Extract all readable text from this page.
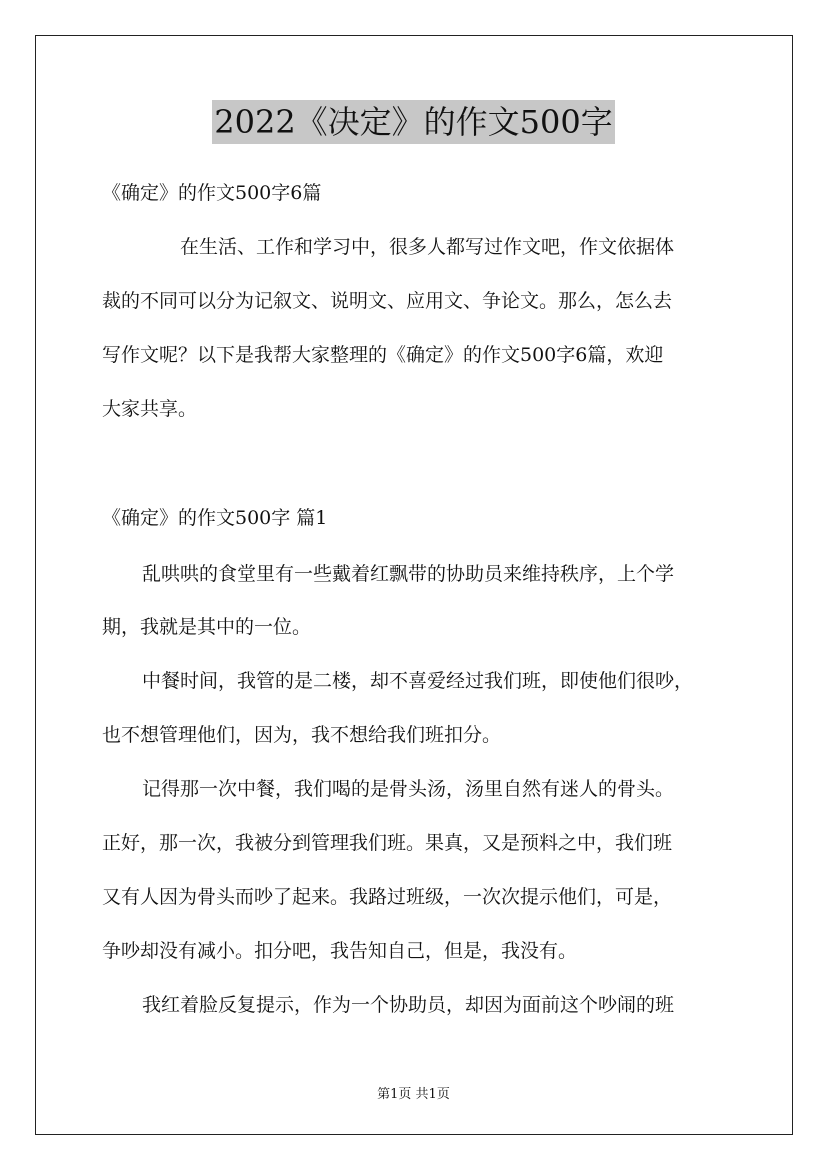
2022《决定》的作文500字
《确定》的作文500字6篇
在生活、工作和学习中，很多人都写过作文吧，作文依据体
裁的不同可以分为记叙文、说明文、应用文、争论文。那么，怎么去
写作文呢？以下是我帮大家整理的《确定》的作文500字6篇，欢迎
大家共享。
《确定》的作文500字 篇1
乱哄哄的食堂里有一些戴着红飘带的协助员来维持秩序，上个学
期，我就是其中的一位。
中餐时间，我管的是二楼，却不喜爱经过我们班，即使他们很吵，
也不想管理他们，因为，我不想给我们班扣分。
记得那一次中餐，我们喝的是骨头汤，汤里自然有迷人的骨头。
正好，那一次，我被分到管理我们班。果真，又是预料之中，我们班
又有人因为骨头而吵了起来。我路过班级，一次次提示他们，可是，
争吵却没有减小。扣分吧，我告知自己，但是，我没有。
我红着脸反复提示，作为一个协助员，却因为面前这个吵闹的班
第1页 共1页
